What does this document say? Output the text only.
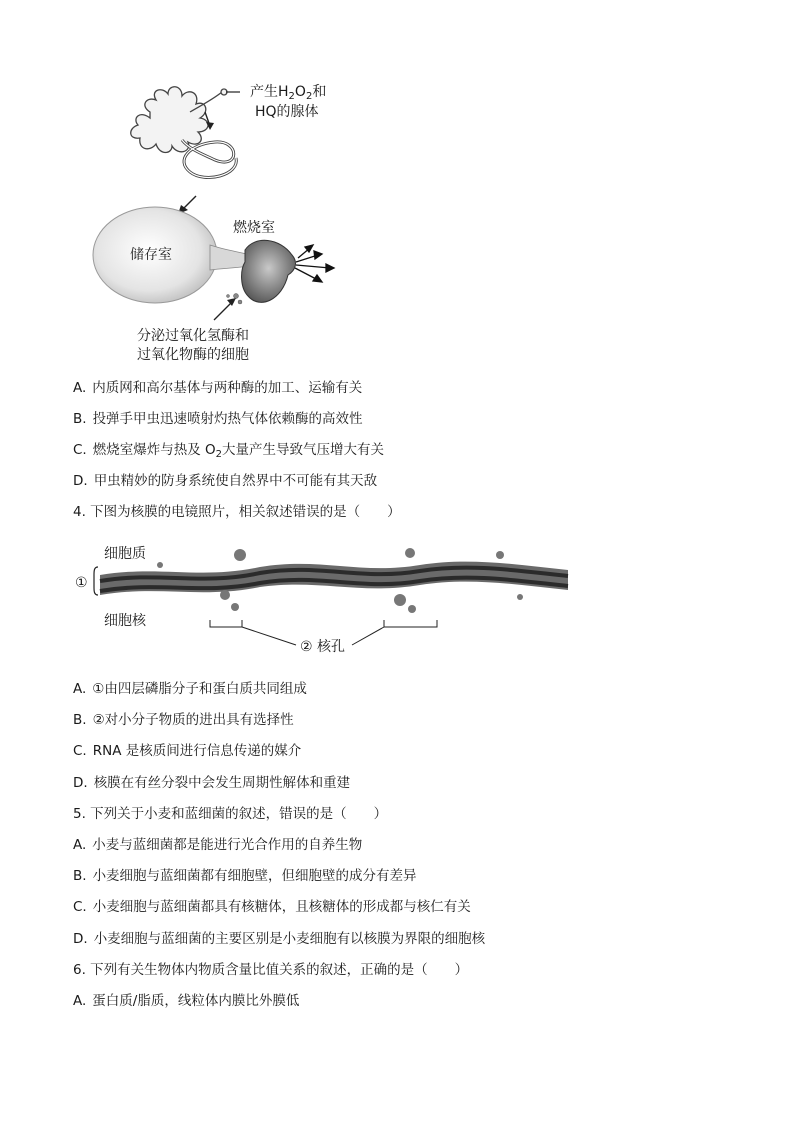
产生$H_2O_2$和
HQ的腺体
储存室
燃烧室
分泌过氧化氢酶和
过氧化物酶的细胞
A. 内质网和高尔基体与两种酶的加工、运输有关
B. 投弹手甲虫迅速喷射灼热气体依赖酶的高效性
C. 燃烧室爆炸与热及 $O_2$大量产生导致气压增大有关
D. 甲虫精妙的防身系统使自然界中不可能有其天敌
4. 下图为核膜的电镜照片，相关叙述错误的是（　　）
细胞质
①
细胞核
② 核孔
A. ①由四层磷脂分子和蛋白质共同组成
B. ②对小分子物质的进出具有选择性
C. RNA 是核质间进行信息传递的媒介
D. 核膜在有丝分裂中会发生周期性解体和重建
5. 下列关于小麦和蓝细菌的叙述，错误的是（　　）
A. 小麦与蓝细菌都是能进行光合作用的自养生物
B. 小麦细胞与蓝细菌都有细胞壁，但细胞壁的成分有差异
C. 小麦细胞与蓝细菌都具有核糖体，且核糖体的形成都与核仁有关
D. 小麦细胞与蓝细菌的主要区别是小麦细胞有以核膜为界限的细胞核
6. 下列有关生物体内物质含量比值关系的叙述，正确的是（　　）
A. 蛋白质/脂质，线粒体内膜比外膜低
